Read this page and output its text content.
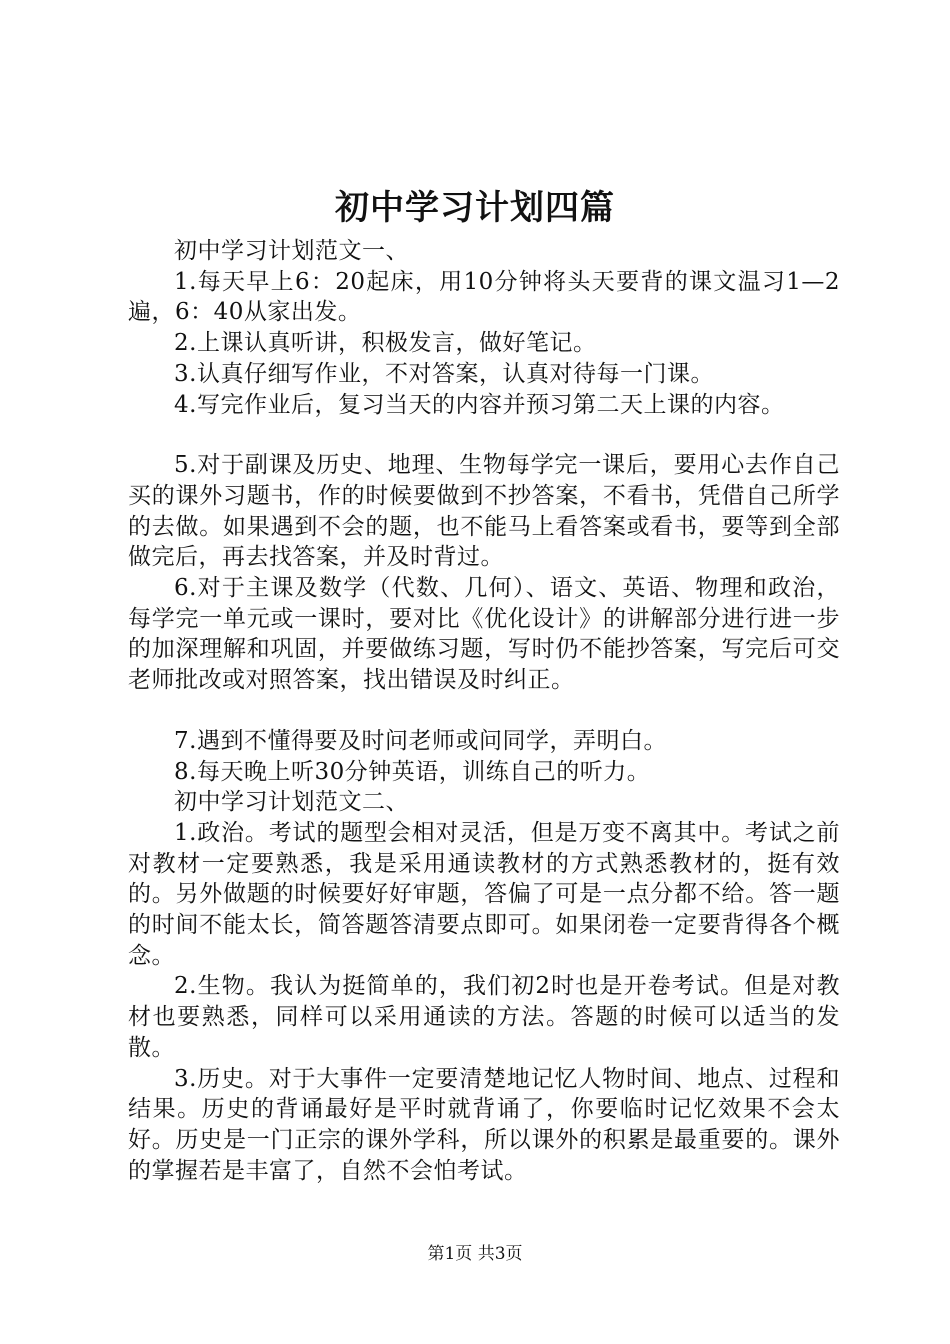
初中学习计划四篇

初中学习计划范文一、

1.每天早上6：20起床，用10分钟将头天要背的课文温习1—2遍，6：40从家出发。

2.上课认真听讲，积极发言，做好笔记。

3.认真仔细写作业，不对答案，认真对待每一门课。

4.写完作业后，复习当天的内容并预习第二天上课的内容。

5.对于副课及历史、地理、生物每学完一课后，要用心去作自己买的课外习题书，作的时候要做到不抄答案，不看书，凭借自己所学的去做。如果遇到不会的题，也不能马上看答案或看书，要等到全部做完后，再去找答案，并及时背过。

6.对于主课及数学（代数、几何）、语文、英语、物理和政治，每学完一单元或一课时，要对比《优化设计》的讲解部分进行进一步的加深理解和巩固，并要做练习题，写时仍不能抄答案，写完后可交老师批改或对照答案，找出错误及时纠正。

7.遇到不懂得要及时问老师或问同学，弄明白。

8.每天晚上听30分钟英语，训练自己的听力。

初中学习计划范文二、

1.政治。考试的题型会相对灵活，但是万变不离其中。考试之前对教材一定要熟悉，我是采用通读教材的方式熟悉教材的，挺有效的。另外做题的时候要好好审题，答偏了可是一点分都不给。答一题的时间不能太长，简答题答清要点即可。如果闭卷一定要背得各个概念。

2.生物。我认为挺简单的，我们初2时也是开卷考试。但是对教材也要熟悉，同样可以采用通读的方法。答题的时候可以适当的发散。

3.历史。对于大事件一定要清楚地记忆人物时间、地点、过程和结果。历史的背诵最好是平时就背诵了，你要临时记忆效果不会太好。历史是一门正宗的课外学科，所以课外的积累是最重要的。课外的掌握若是丰富了，自然不会怕考试。

第1页 共3页
